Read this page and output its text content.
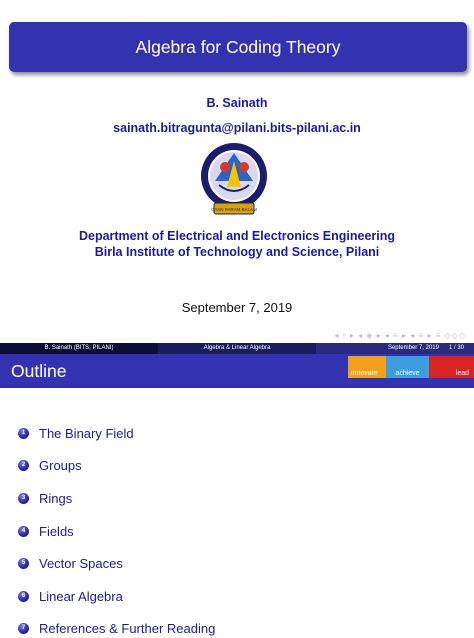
Algebra for Coding Theory
B. Sainath
sainath.bitragunta@pilani.bits-pilani.ac.in
GYAN PARAM BALAM
Department of Electrical and Electronics Engineering
Birla Institute of Technology and Science, Pilani
September 7, 2019
◂ ▫ ▸ ◂ ◈ ▸ ◂ ≡ ▸ ◂ ≡ ▸ ≡ ◇◇◇
B. Sainath (BITS, PILANI)	Algebra & Linear Algebra	September 7, 2019	1 / 30
Outline	innovate	achieve	lead
1 The Binary Field
2 Groups
3 Rings
4 Fields
5 Vector Spaces
6 Linear Algebra
7 References & Further Reading
